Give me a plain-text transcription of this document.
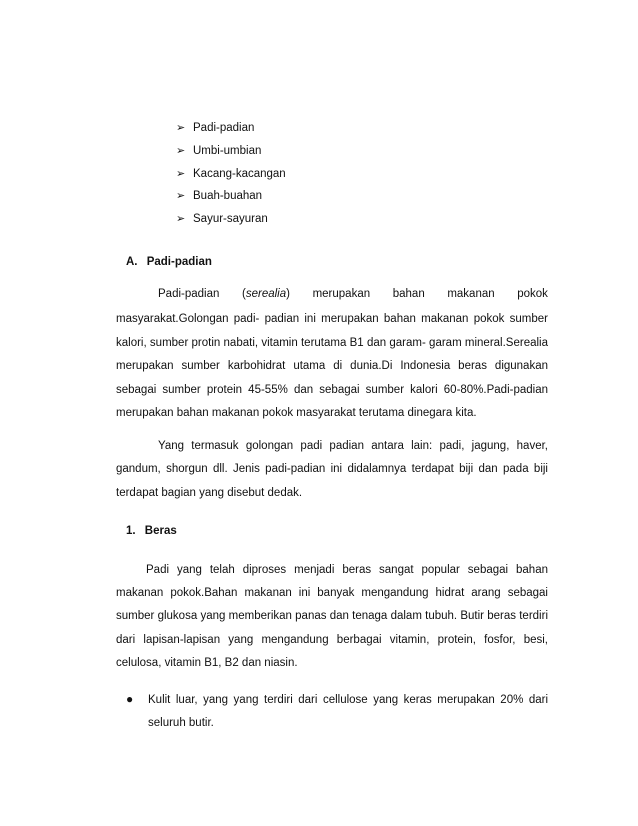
➢ Padi-padian
➢ Umbi-umbian
➢ Kacang-kacangan
➢ Buah-buahan
➢ Sayur-sayuran
A. Padi-padian
Padi-padian (serealia) merupakan bahan makanan pokok
masyarakat.Golongan padi- padian ini merupakan bahan makanan pokok sumber kalori, sumber protin nabati, vitamin terutama B1 dan garam- garam mineral.Serealia merupakan sumber karbohidrat utama di dunia.Di Indonesia beras digunakan sebagai sumber protein 45-55% dan sebagai sumber kalori 60-80%.Padi-padian merupakan bahan makanan pokok masyarakat terutama dinegara kita.
Yang termasuk golongan padi padian antara lain: padi, jagung, haver, gandum, shorgun dll. Jenis padi-padian ini didalamnya terdapat biji dan pada biji terdapat bagian yang disebut dedak.
1. Beras
Padi yang telah diproses menjadi beras sangat popular sebagai bahan makanan pokok.Bahan makanan ini banyak mengandung hidrat arang sebagai sumber glukosa yang memberikan panas dan tenaga dalam tubuh. Butir beras terdiri dari lapisan-lapisan yang mengandung berbagai vitamin, protein, fosfor, besi, celulosa, vitamin B1, B2 dan niasin.
● Kulit luar, yang yang terdiri dari cellulose yang keras merupakan 20% dari seluruh butir.
